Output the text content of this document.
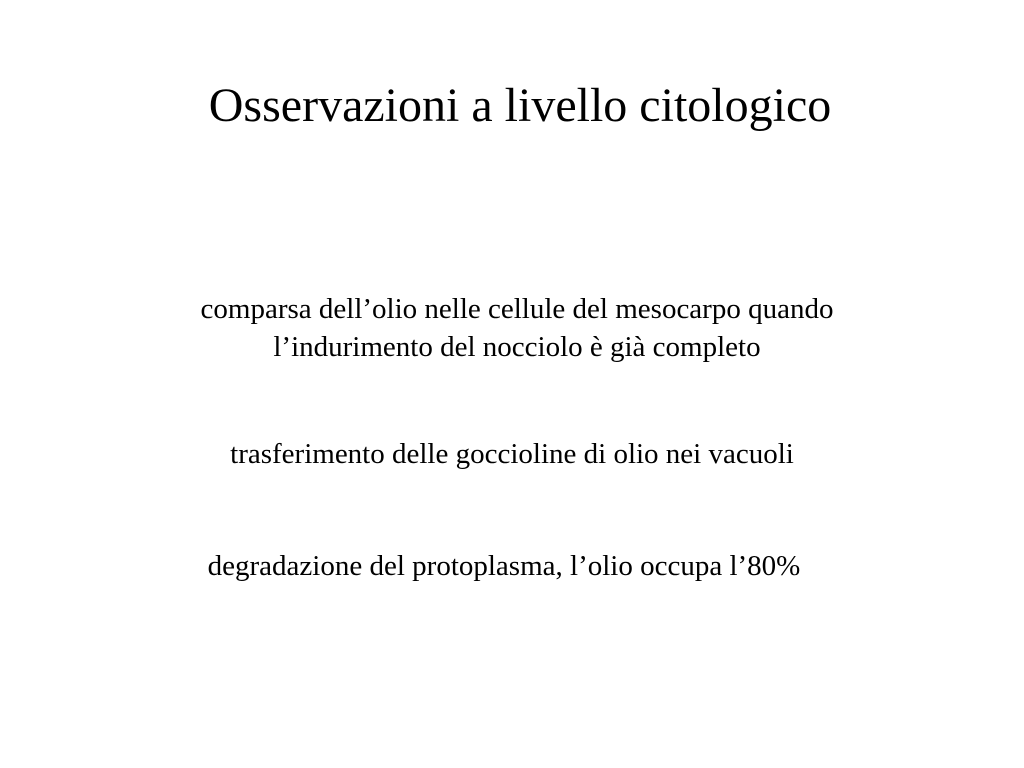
Osservazioni a livello citologico
comparsa dell’olio nelle cellule del mesocarpo quando
l’indurimento del nocciolo è già completo
trasferimento delle goccioline di olio nei vacuoli
degradazione del protoplasma, l’olio occupa l’80%
